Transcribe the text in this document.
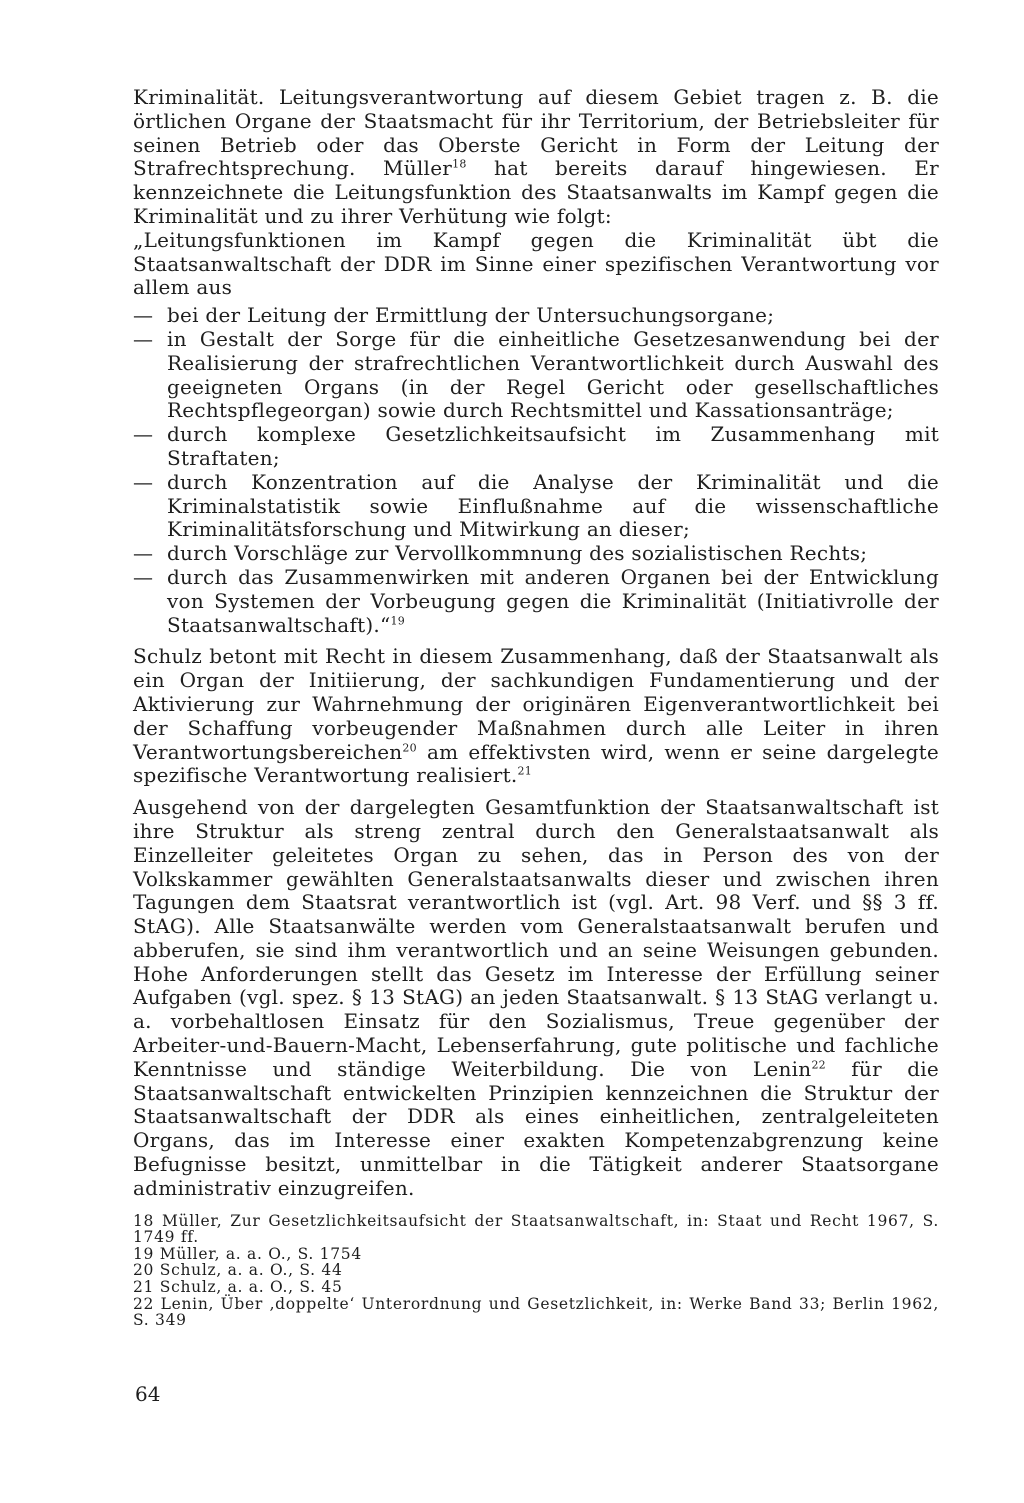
Kriminalität. Leitungsverantwortung auf diesem Gebiet tragen z. B. die örtlichen Organe der Staatsmacht für ihr Territorium, der Betriebsleiter für seinen Betrieb oder das Oberste Gericht in Form der Leitung der Strafrechtsprechung. Müller$^{18}$ hat bereits darauf hingewiesen. Er kennzeichnete die Leitungsfunktion des Staatsanwalts im Kampf gegen die Kriminalität und zu ihrer Verhütung wie folgt:

„Leitungsfunktionen im Kampf gegen die Kriminalität übt die Staatsanwaltschaft der DDR im Sinne einer spezifischen Verantwortung vor allem aus

— bei der Leitung der Ermittlung der Untersuchungsorgane;
— in Gestalt der Sorge für die einheitliche Gesetzesanwendung bei der Realisierung der strafrechtlichen Verantwortlichkeit durch Auswahl des geeigneten Organs (in der Regel Gericht oder gesellschaftliches Rechtspflegeorgan) sowie durch Rechtsmittel und Kassationsanträge;
— durch komplexe Gesetzlichkeitsaufsicht im Zusammenhang mit Straftaten;
— durch Konzentration auf die Analyse der Kriminalität und die Kriminalstatistik sowie Einflußnahme auf die wissenschaftliche Kriminalitätsforschung und Mitwirkung an dieser;
— durch Vorschläge zur Vervollkommnung des sozialistischen Rechts;
— durch das Zusammenwirken mit anderen Organen bei der Entwicklung von Systemen der Vorbeugung gegen die Kriminalität (Initiativrolle der Staatsanwaltschaft).“$^{19}$

Schulz betont mit Recht in diesem Zusammenhang, daß der Staatsanwalt als ein Organ der Initiierung, der sachkundigen Fundamentierung und der Aktivierung zur Wahrnehmung der originären Eigenverantwortlichkeit bei der Schaffung vorbeugender Maßnahmen durch alle Leiter in ihren Verantwortungsbereichen$^{20}$ am effektivsten wird, wenn er seine dargelegte spezifische Verantwortung realisiert.$^{21}$

Ausgehend von der dargelegten Gesamtfunktion der Staatsanwaltschaft ist ihre Struktur als streng zentral durch den Generalstaatsanwalt als Einzelleiter geleitetes Organ zu sehen, das in Person des von der Volkskammer gewählten Generalstaatsanwalts dieser und zwischen ihren Tagungen dem Staatsrat verantwortlich ist (vgl. Art. 98 Verf. und §§ 3 ff. StAG). Alle Staatsanwälte werden vom Generalstaatsanwalt berufen und abberufen, sie sind ihm verantwortlich und an seine Weisungen gebunden. Hohe Anforderungen stellt das Gesetz im Interesse der Erfüllung seiner Aufgaben (vgl. spez. § 13 StAG) an jeden Staatsanwalt. § 13 StAG verlangt u. a. vorbehaltlosen Einsatz für den Sozialismus, Treue gegenüber der Arbeiter-und-Bauern-Macht, Lebenserfahrung, gute politische und fachliche Kenntnisse und ständige Weiterbildung. Die von Lenin$^{22}$ für die Staatsanwaltschaft entwickelten Prinzipien kennzeichnen die Struktur der Staatsanwaltschaft der DDR als eines einheitlichen, zentralgeleiteten Organs, das im Interesse einer exakten Kompetenzabgrenzung keine Befugnisse besitzt, unmittelbar in die Tätigkeit anderer Staatsorgane administrativ einzugreifen.

18 Müller, Zur Gesetzlichkeitsaufsicht der Staatsanwaltschaft, in: Staat und Recht 1967, S. 1749 ff.
19 Müller, a. a. O., S. 1754
20 Schulz, a. a. O., S. 44
21 Schulz, a. a. O., S. 45
22 Lenin, Über ‚doppelte‘ Unterordnung und Gesetzlichkeit, in: Werke Band 33; Berlin 1962, S. 349
64
